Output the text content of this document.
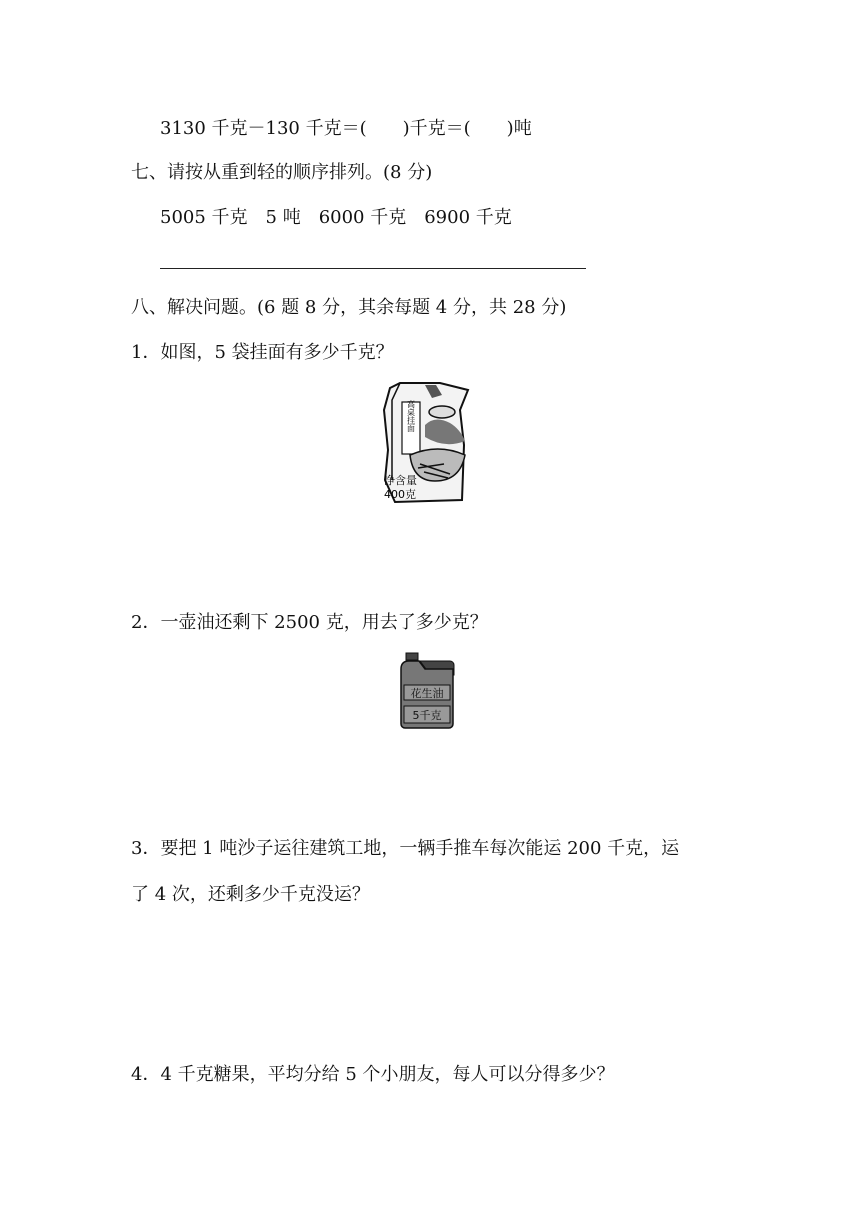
3130 千克－130 千克＝(　　)千克＝(　　)吨
七、请按从重到轻的顺序排列。(8 分)
5005 千克　5 吨　6000 千克　6900 千克
八、解决问题。(6 题 8 分，其余每题 4 分，共 28 分)
1．如图，5 袋挂面有多少千克？
高桌挂面
净含量
400克
2．一壶油还剩下 2500 克，用去了多少克？
花生油
5千克
3．要把 1 吨沙子运往建筑工地，一辆手推车每次能运 200 千克，运
了 4 次，还剩多少千克没运？
4．4 千克糖果，平均分给 5 个小朋友，每人可以分得多少？
